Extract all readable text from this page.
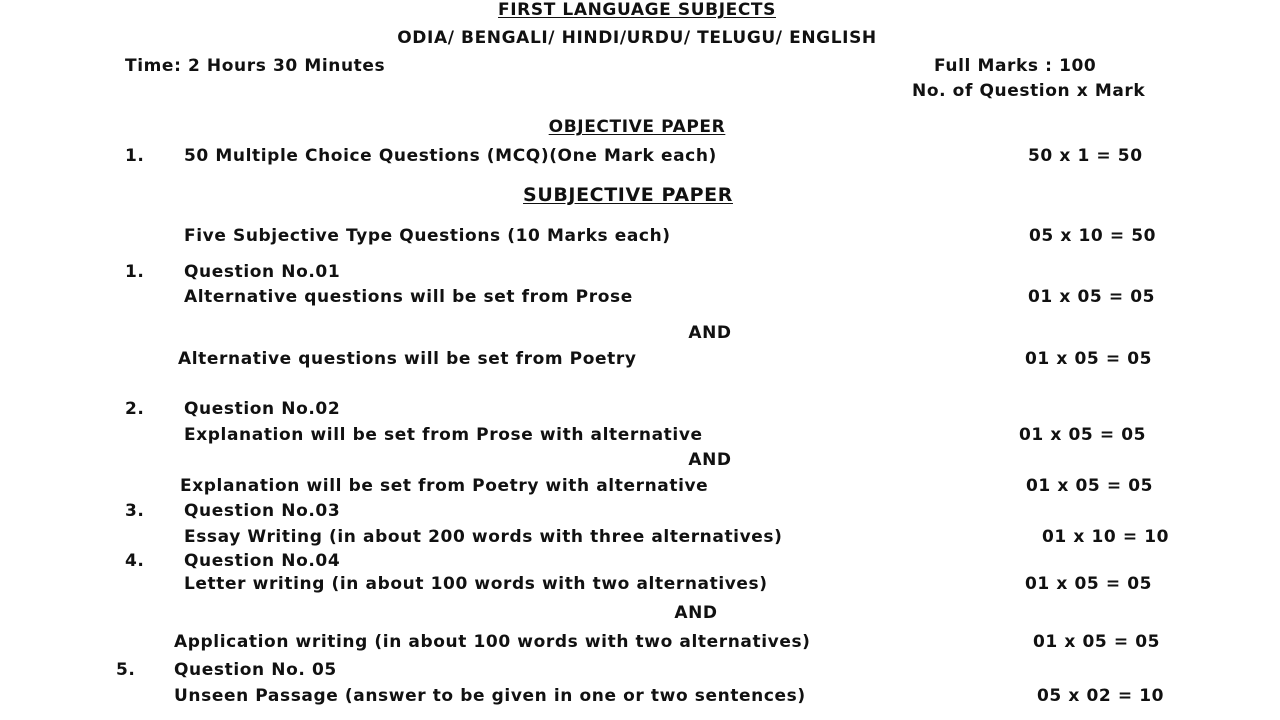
FIRST LANGUAGE SUBJECTS
ODIA/ BENGALI/ HINDI/URDU/ TELUGU/ ENGLISH
Time: 2 Hours 30 Minutes	Full Marks : 100
No. of Question x Mark
OBJECTIVE PAPER
1. 50 Multiple Choice Questions (MCQ)(One Mark each)	50 x 1 = 50
SUBJECTIVE PAPER
Five Subjective Type Questions (10 Marks each)	05 x 10 = 50
1. Question No.01
Alternative questions will be set from Prose	01 x 05 = 05
AND
Alternative questions will be set from Poetry	01 x 05 = 05
2. Question No.02
Explanation will be set from Prose with alternative	01 x 05 = 05
AND
Explanation will be set from Poetry with alternative	01 x 05 = 05
3. Question No.03
Essay Writing (in about 200 words with three alternatives)	01 x 10 = 10
4. Question No.04
Letter writing (in about 100 words with two alternatives)	01 x 05 = 05
AND
Application writing (in about 100 words with two alternatives)	01 x 05 = 05
5. Question No. 05
Unseen Passage (answer to be given in one or two sentences)	05 x 02 = 10
